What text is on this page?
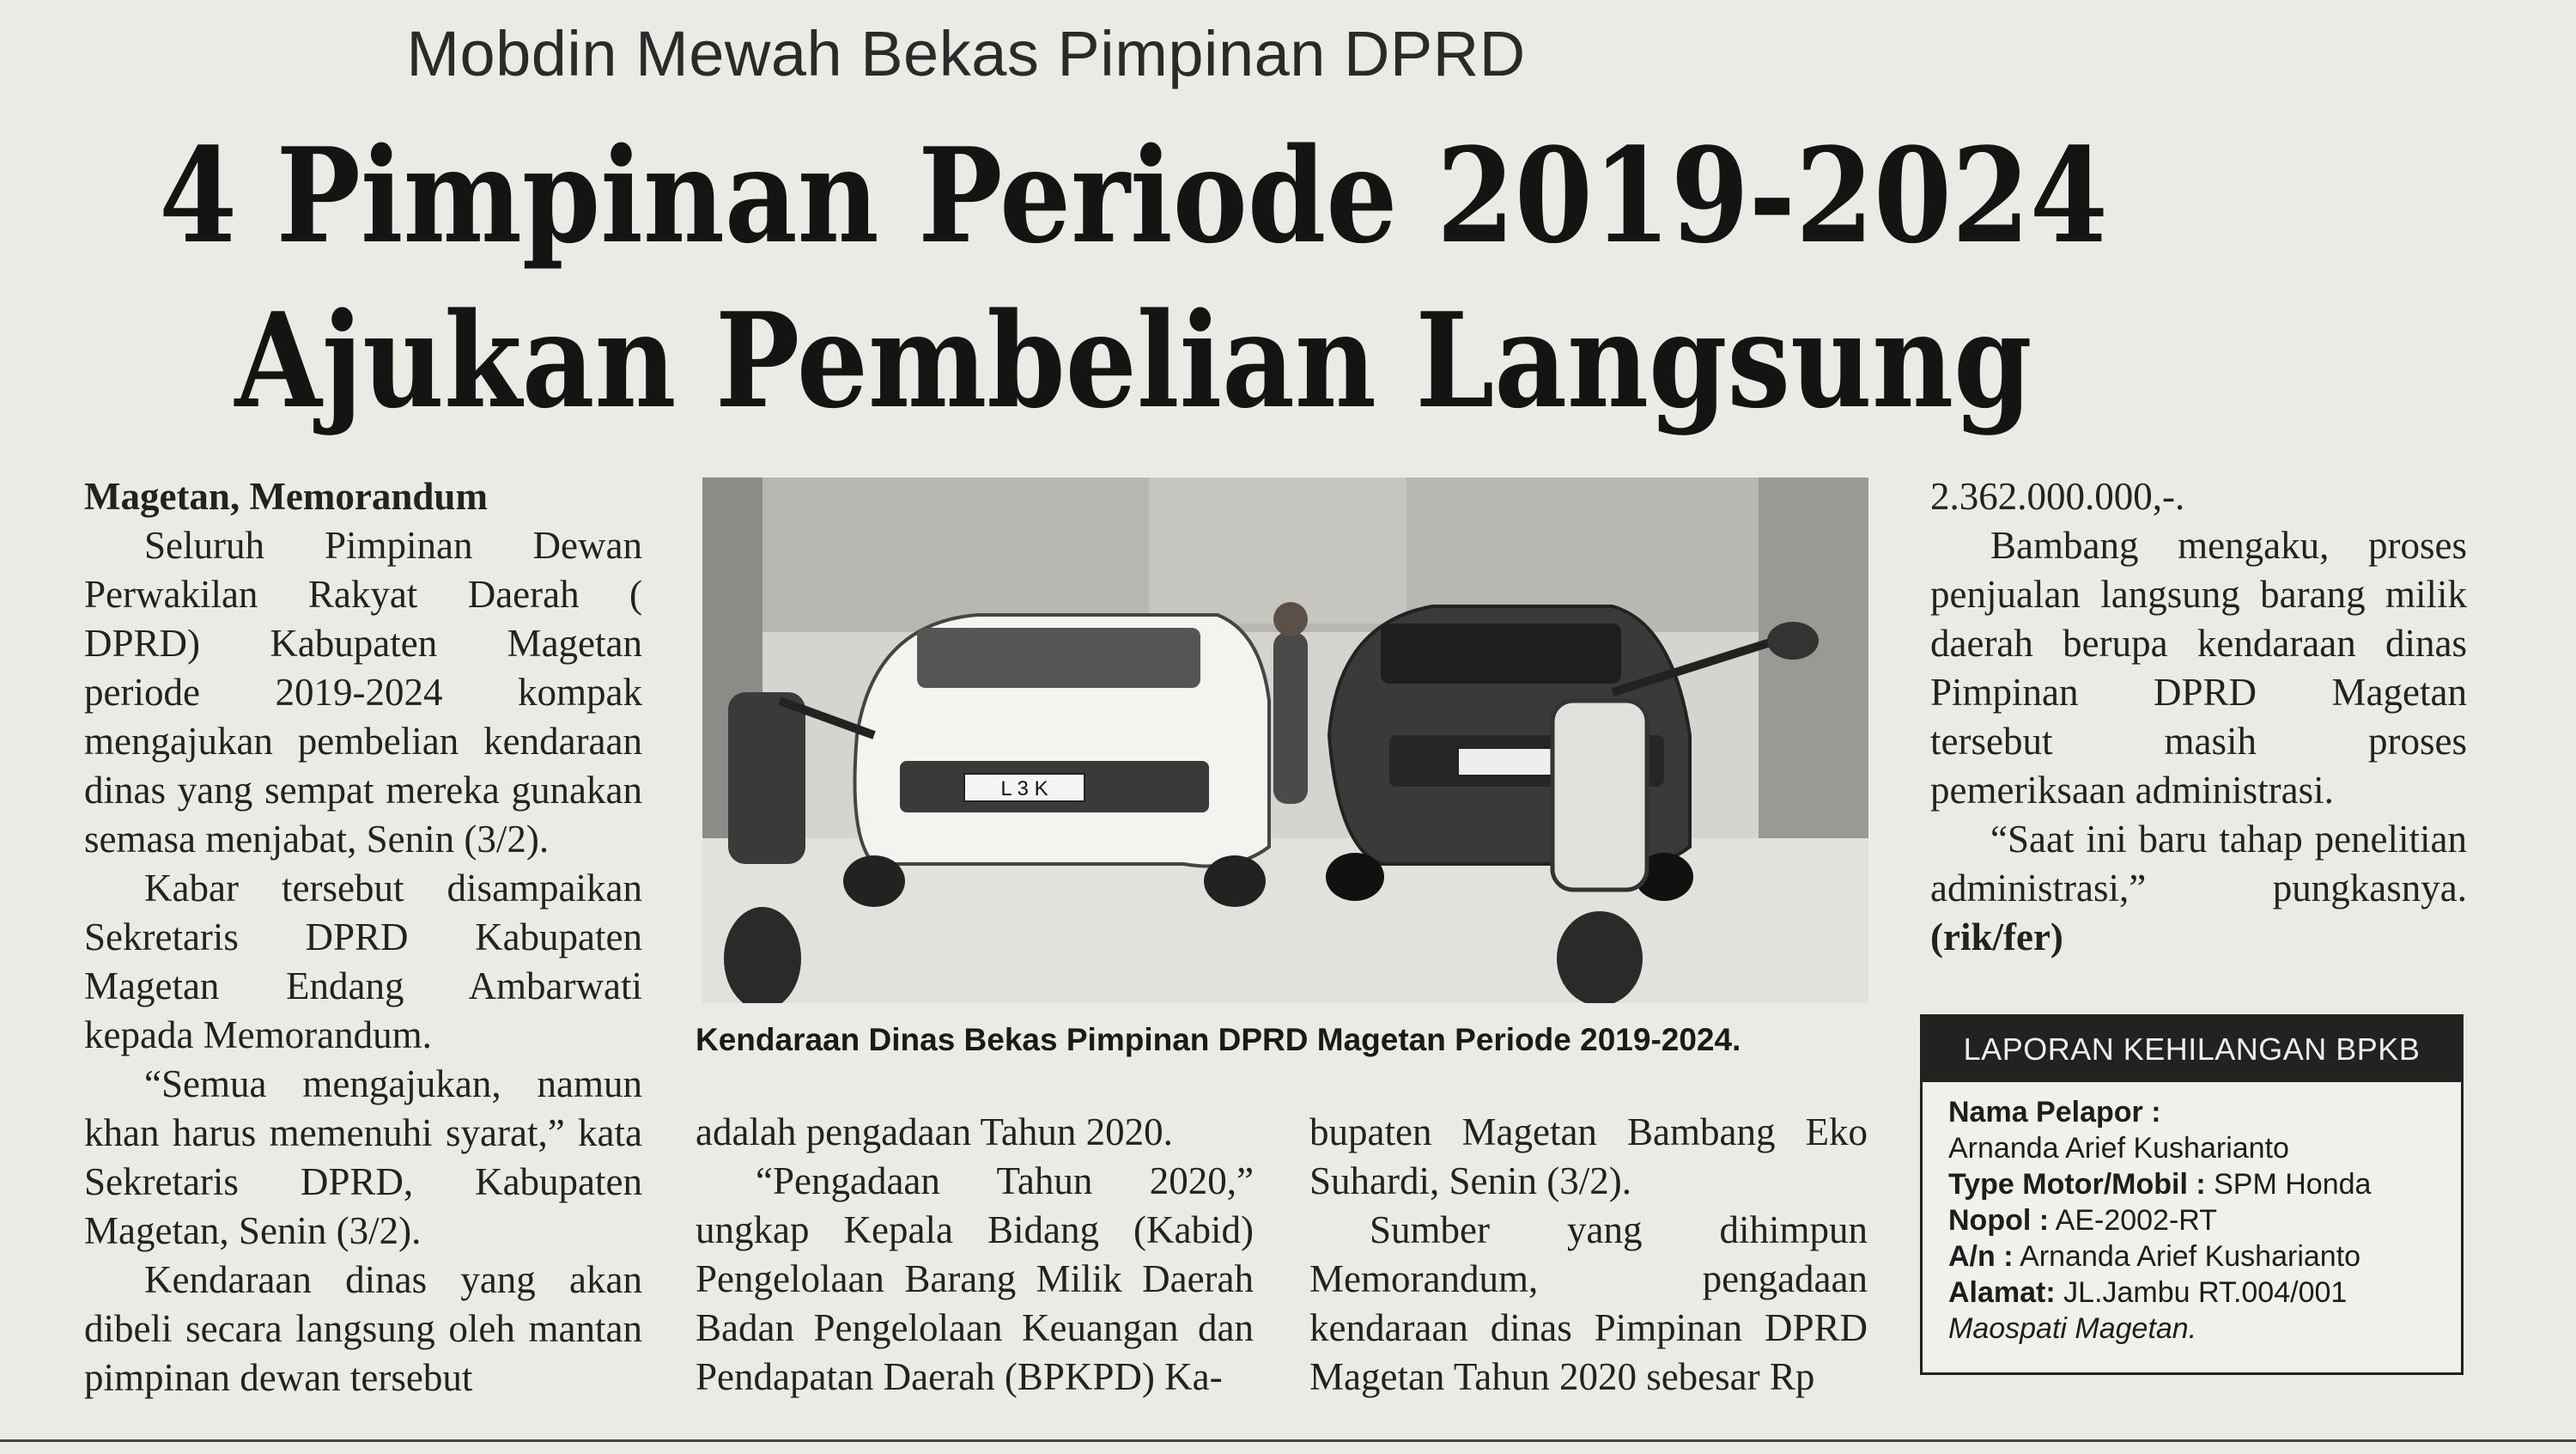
Mobdin Mewah Bekas Pimpinan DPRD
4 Pimpinan Periode 2019-2024
Ajukan Pembelian Langsung

Magetan, Memorandum

Seluruh Pimpinan Dewan Perwakilan Rakyat Daerah ( DPRD) Kabupaten Magetan periode 2019-2024 kompak mengajukan pembelian kendaraan dinas yang sempat mereka gunakan semasa menjabat, Senin (3/2).

Kabar tersebut disampaikan Sekretaris DPRD Kabupaten Magetan Endang Ambarwati kepada Memorandum.

“Semua mengajukan, namun khan harus memenuhi syarat,” kata Sekretaris DPRD, Kabupaten Magetan, Senin (3/2).

Kendaraan dinas yang akan dibeli secara langsung oleh mantan pimpinan dewan tersebut

L 3 K
Kendaraan Dinas Bekas Pimpinan DPRD Magetan Periode 2019-2024.

adalah pengadaan Tahun 2020.

“Pengadaan Tahun 2020,” ungkap Kepala Bidang (Kabid) Pengelolaan Barang Milik Daerah Badan Pengelolaan Keuangan dan Pendapatan Daerah (BPKPD) Ka-

bupaten Magetan Bambang Eko Suhardi, Senin (3/2).

Sumber yang dihimpun Memorandum, pengadaan kendaraan dinas Pimpinan DPRD Magetan Tahun 2020 sebesar Rp

2.362.000.000,-.

Bambang mengaku, proses penjualan langsung barang milik daerah berupa kendaraan dinas Pimpinan DPRD Magetan tersebut masih proses pemeriksaan administrasi.

“Saat ini baru tahap penelitian administrasi,” pungkasnya. (rik/fer)

LAPORAN KEHILANGAN BPKB
Nama Pelapor :
Arnanda Arief Kusharianto
Type Motor/Mobil : SPM Honda
Nopol : AE-2002-RT
A/n : Arnanda Arief Kusharianto
Alamat: JL.Jambu RT.004/001
Maospati Magetan.
